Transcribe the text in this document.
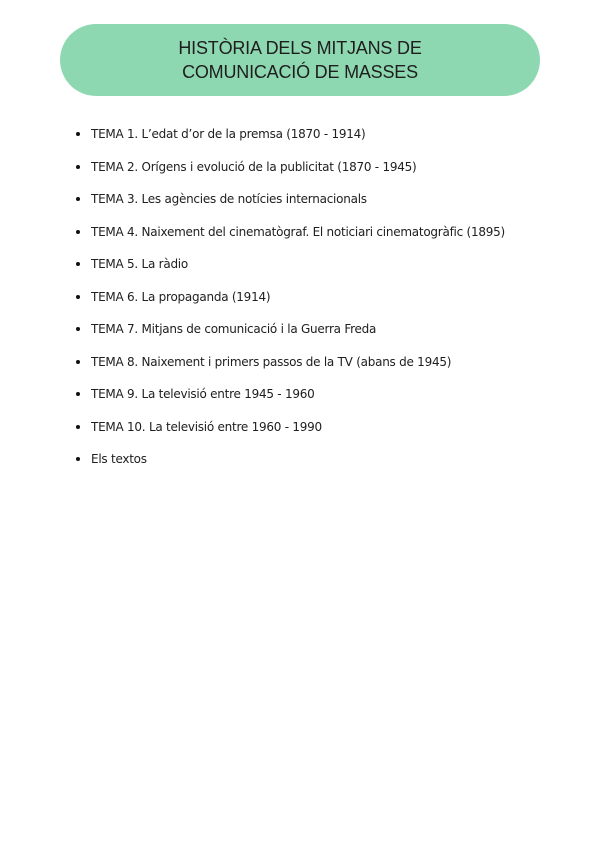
HISTÒRIA DELS MITJANS DE
COMUNICACIÓ DE MASSES
TEMA 1. L’edat d’or de la premsa (1870 - 1914)
TEMA 2. Orígens i evolució de la publicitat (1870 - 1945)
TEMA 3. Les agències de notícies internacionals
TEMA 4. Naixement del cinematògraf. El noticiari cinematogràfic (1895)
TEMA 5. La ràdio
TEMA 6. La propaganda (1914)
TEMA 7. Mitjans de comunicació i la Guerra Freda
TEMA 8. Naixement i primers passos de la TV (abans de 1945)
TEMA 9. La televisió entre 1945 - 1960
TEMA 10. La televisió entre 1960 - 1990
Els textos
